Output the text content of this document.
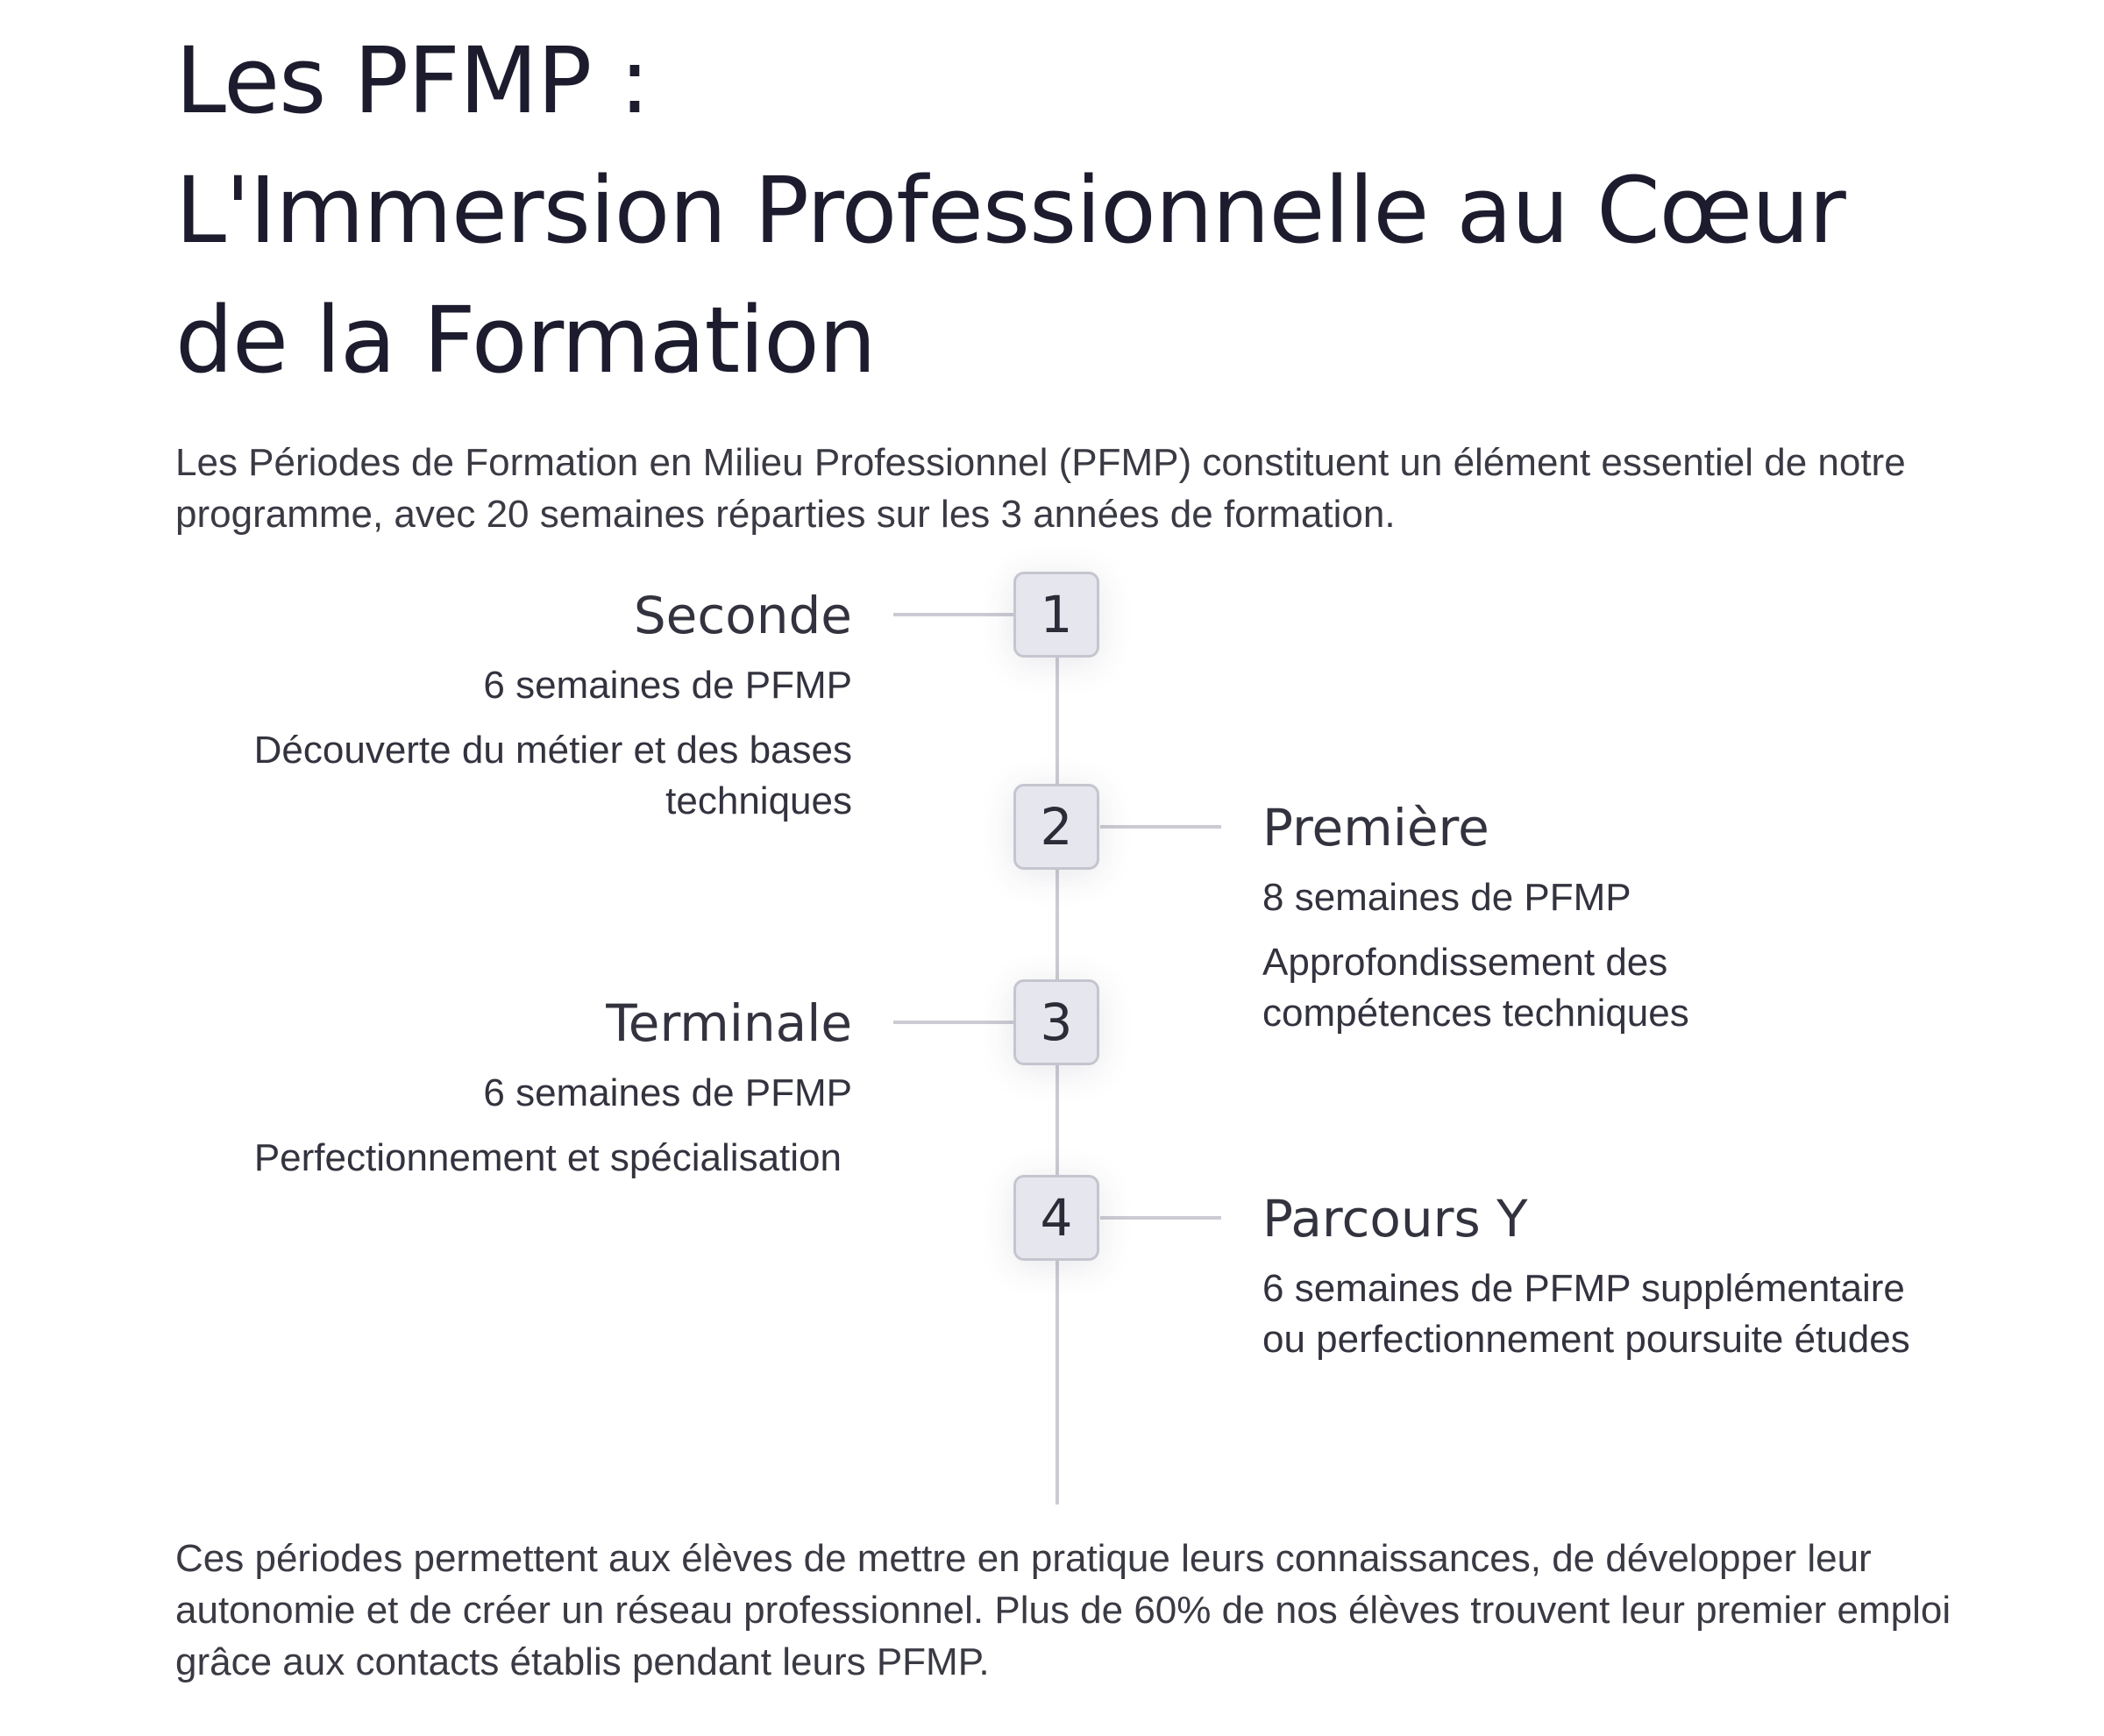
Les PFMP :
L'Immersion Professionnelle au Cœur
de la Formation

Les Périodes de Formation en Milieu Professionnel (PFMP) constituent un élément essentiel de notre programme, avec 20 semaines réparties sur les 3 années de formation.

1
Seconde

6 semaines de PFMP

Découverte du métier et des bases techniques	2	Première

8 semaines de PFMP

Approfondissement des compétences techniques

3
Terminale

6 semaines de PFMP

Perfectionnement et spécialisation

4	Parcours Y

6 semaines de PFMP supplémentaire ou perfectionnement poursuite études

Ces périodes permettent aux élèves de mettre en pratique leurs connaissances, de développer leur autonomie et de créer un réseau professionnel. Plus de 60% de nos élèves trouvent leur premier emploi grâce aux contacts établis pendant leurs PFMP.
